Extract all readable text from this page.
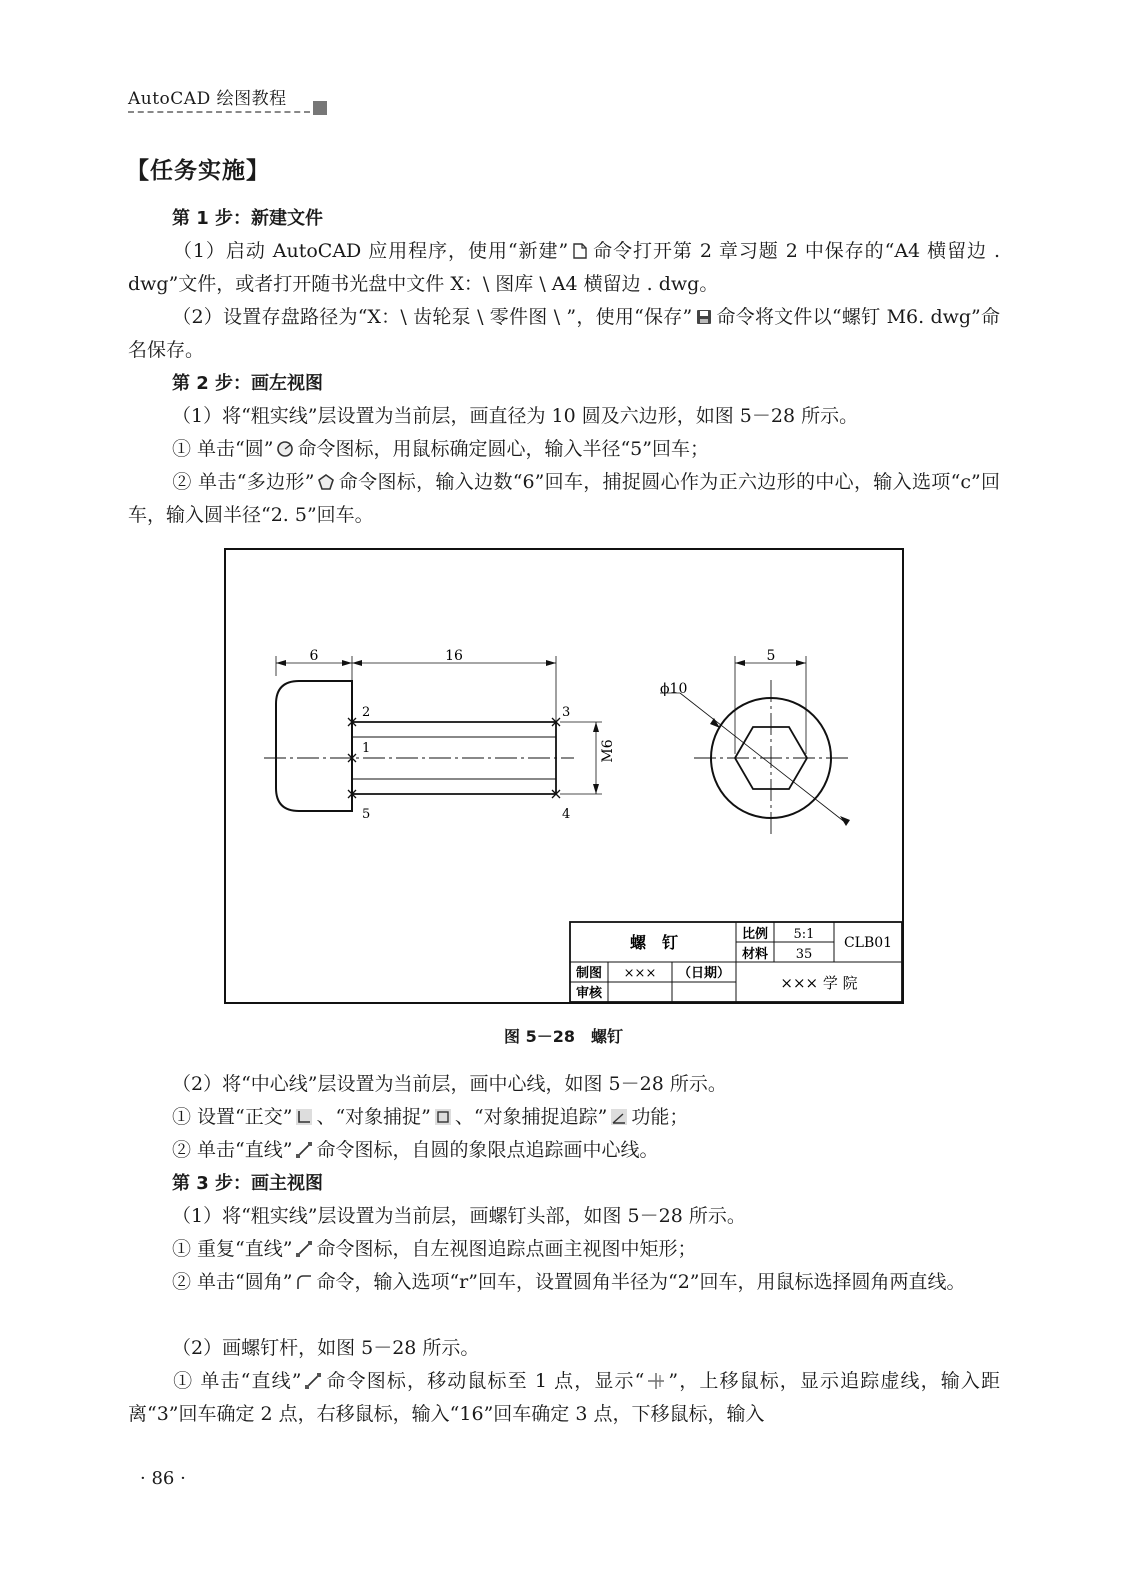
AutoCAD 绘图教程
【任务实施】
第 1 步：新建文件
（1）启动 AutoCAD 应用程序，使用“新建” 命令打开第 2 章习题 2 中保存的“A4 横留边 . dwg”文件，或者打开随书光盘中文件 X：\ 图库 \ A4 横留边 . dwg。
（2）设置存盘路径为“X：\ 齿轮泵 \ 零件图 \ ”，使用“保存” 命令将文件以“螺钉 M6. dwg”命名保存。
第 2 步：画左视图
（1）将“粗实线”层设置为当前层，画直径为 10 圆及六边形，如图 5－28 所示。
① 单击“圆” 命令图标，用鼠标确定圆心，输入半径“5”回车；
② 单击“多边形” 命令图标，输入边数“6”回车，捕捉圆心作为正六边形的中心，输入选项“c”回车，输入圆半径“2. 5”回车。
6	16
M6
2
1
5
3
4
5
ϕ10
螺　钉	比例 5:1
材料 35
CLB01
制图 ××× （日期）
审核
××× 学 院
图 5－28　螺钉
（2）将“中心线”层设置为当前层，画中心线，如图 5－28 所示。
① 设置“正交” 、“对象捕捉” 、“对象捕捉追踪” 功能；
② 单击“直线” 命令图标，自圆的象限点追踪画中心线。
第 3 步：画主视图
（1）将“粗实线”层设置为当前层，画螺钉头部，如图 5－28 所示。
① 重复“直线” 命令图标，自左视图追踪点画主视图中矩形；
② 单击“圆角” 命令，输入选项“r”回车，设置圆角半径为“2”回车，用鼠标选择圆角两直线。
（2）画螺钉杆，如图 5－28 所示。
① 单击“直线” 命令图标，移动鼠标至 1 点，显示“ ”，上移鼠标，显示追踪虚线，输入距离“3”回车确定 2 点，右移鼠标，输入“16”回车确定 3 点，下移鼠标，输入
· 86 ·
